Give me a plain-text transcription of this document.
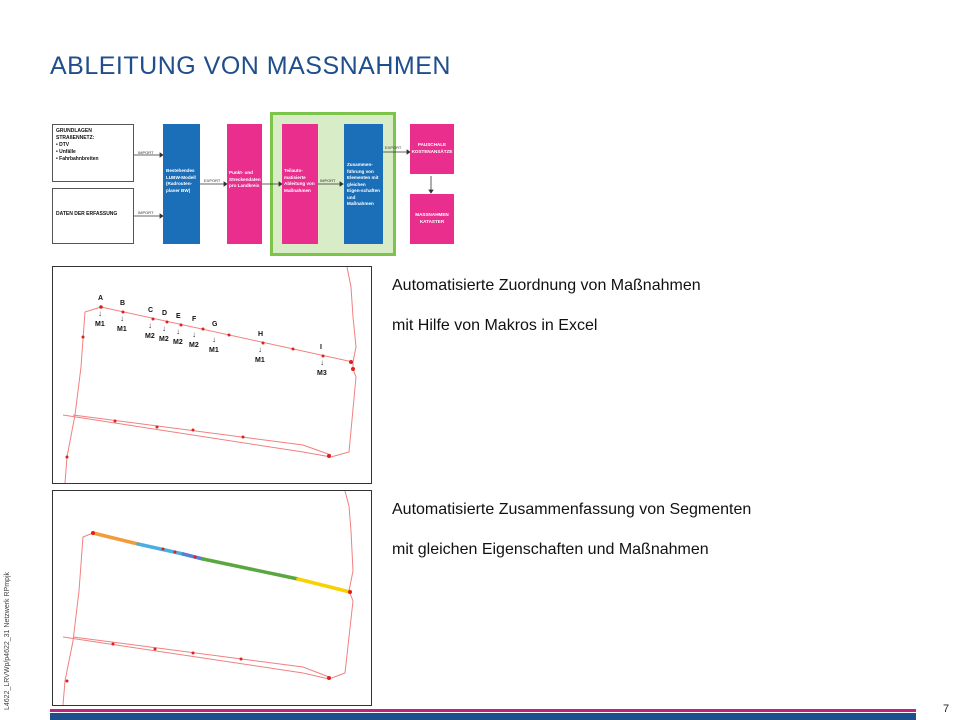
ABLEITUNG VON MASSNAHMEN
GRUNDLAGEN STRAßENNETZ:
• DTV
• Unfälle
• Fahrbahnbreiten
DATEN DER ERFASSUNG
IMPORT
IMPORT
EXPORT	IMPORT
EXPORT
Bestehendes LUBW-Modell (Radrouten-planer BW)
Punkt- und Streckendaten pro Landkreis
Teilauto-matisierte Ableitung von Maßnahmen
Zusammen-führung von Elementen mit gleichen Eigen-schaften und Maßnahmen
PAUSCHALE KOSTENANSÄTZE
MASSNAHMEN KATASTER
A
↓
M1
B
↓
M1
C
↓
M2
D
↓
M2
E
↓
M2
F
↓
M2
G
↓
M1
H
↓
M1
I
↓
M3

Automatisierte Zuordnung von Maßnahmen

mit Hilfe von Makros in Excel

Automatisierte Zusammenfassung von Segmenten

mit gleichen Eigenschaften und Maßnahmen

L4622_LRVWp/p4622_31 Netzwerk RPmpjk	7
